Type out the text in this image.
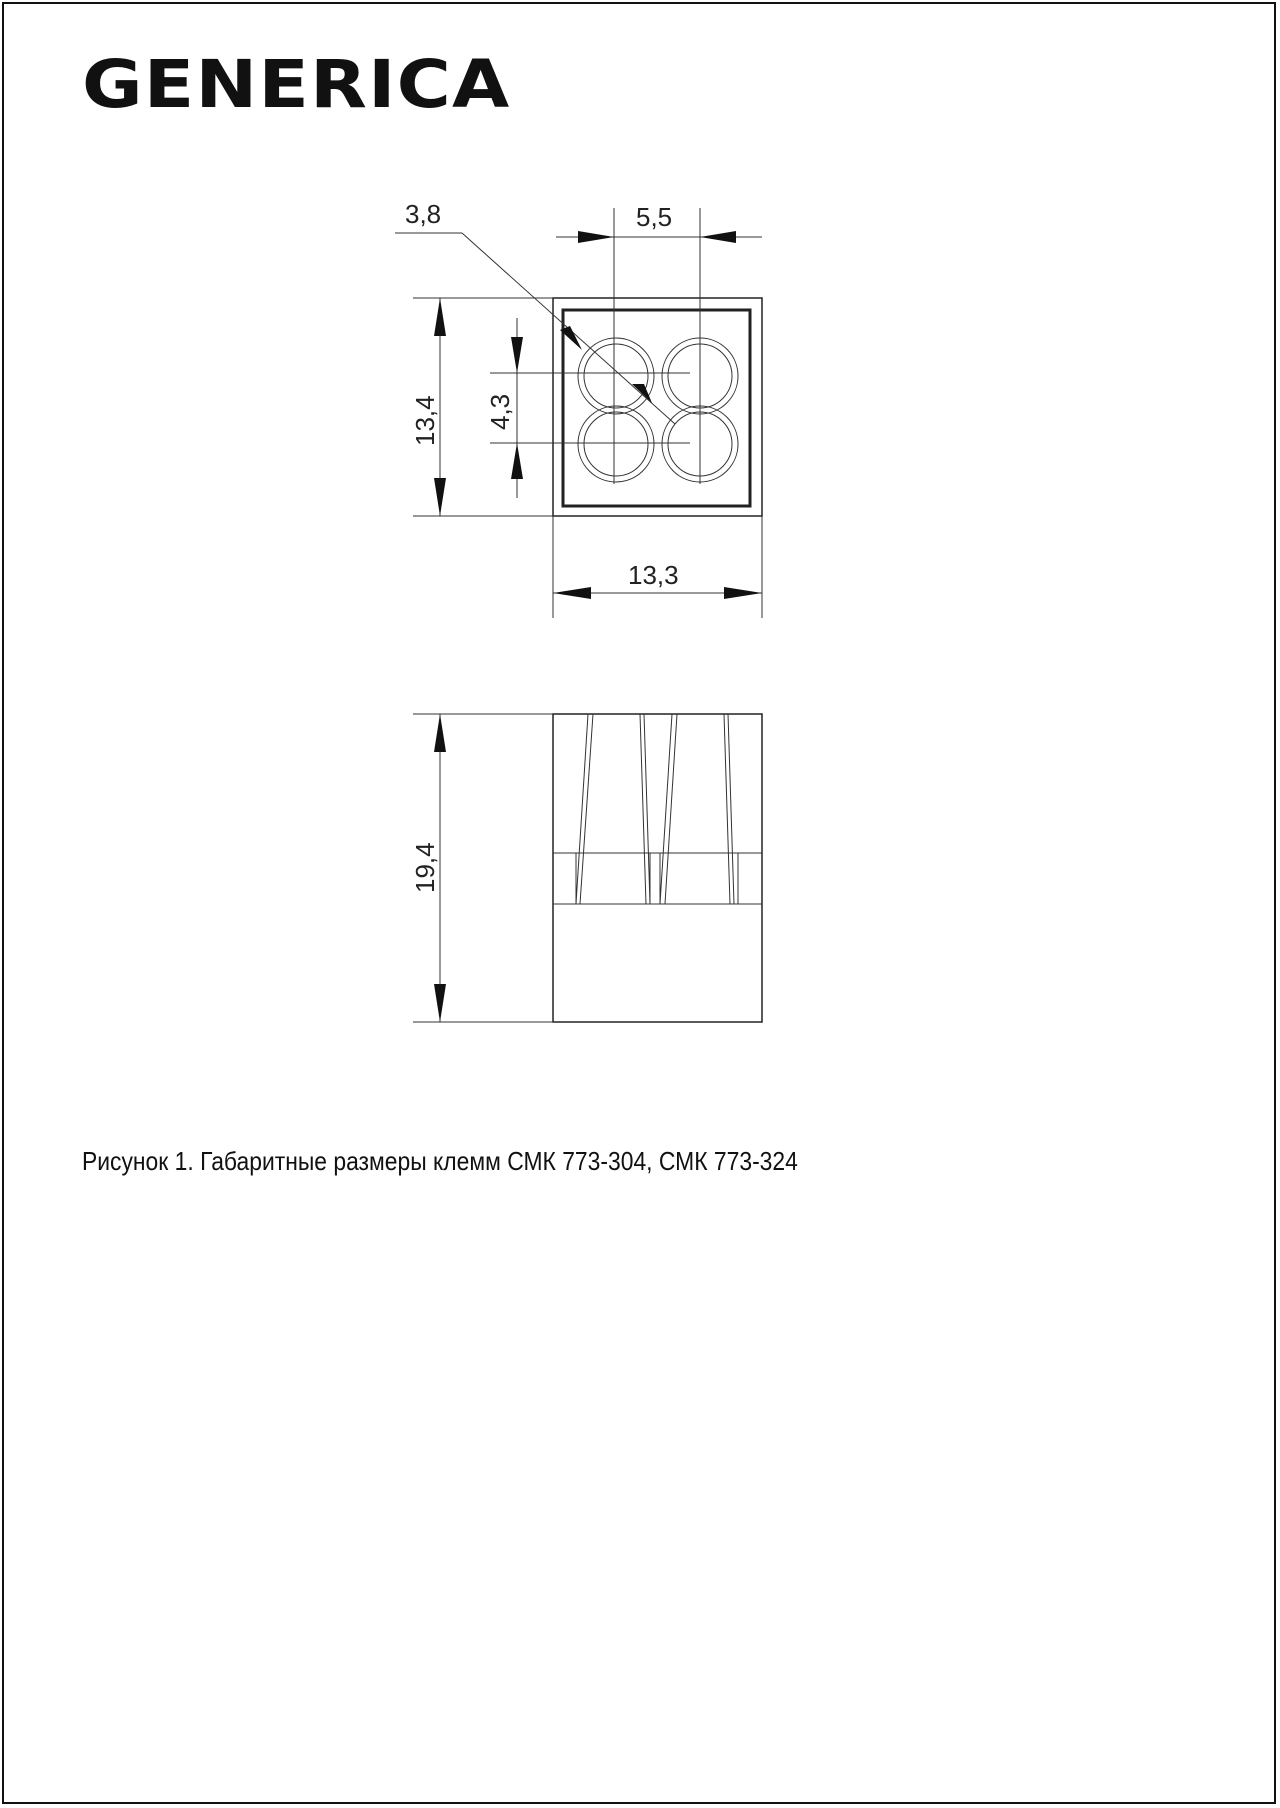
GENERICA
3,8	5,5
13,4 4,3
13,3
19,4
Рисунок 1. Габаритные размеры клемм СМК 773-304, СМК 773-324
